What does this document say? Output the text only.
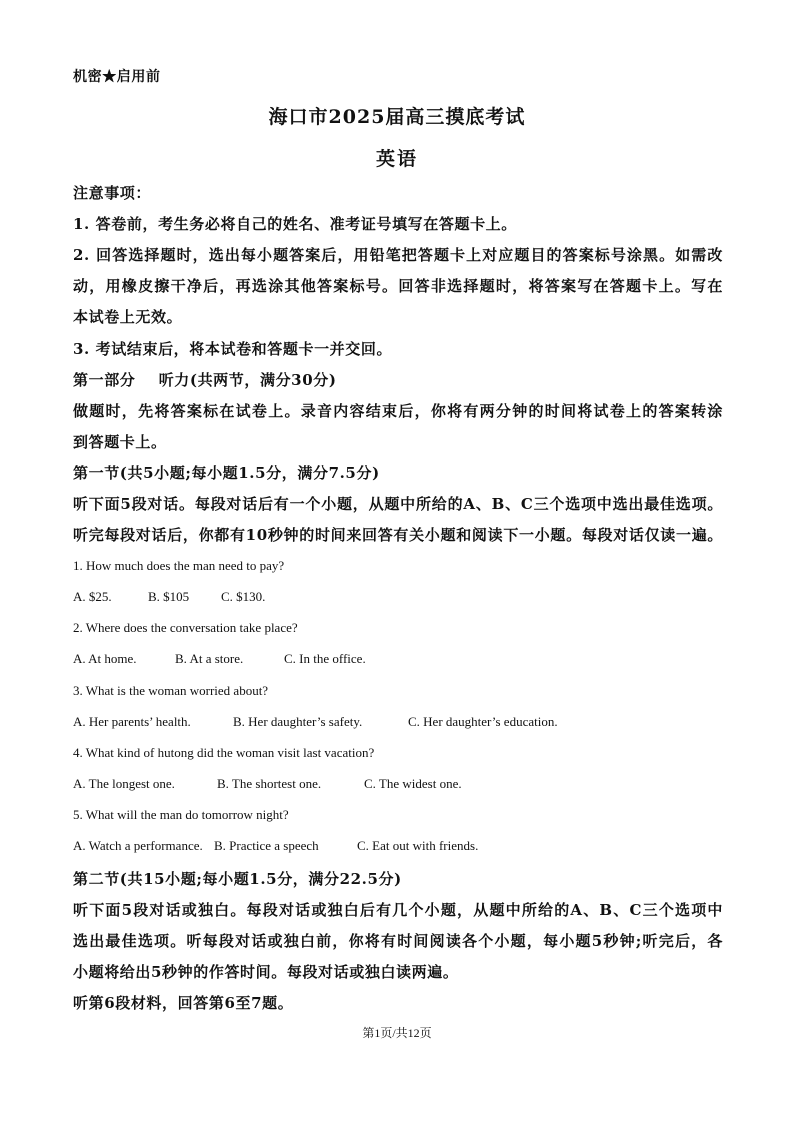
机密★启用前
海口市2025届高三摸底考试
英语
注意事项：
1. 答卷前，考生务必将自己的姓名、准考证号填写在答题卡上。
2. 回答选择题时，选出每小题答案后，用铅笔把答题卡上对应题目的答案标号涂黑。如需改
动，用橡皮擦干净后，再选涂其他答案标号。回答非选择题时，将答案写在答题卡上。写在
本试卷上无效。
3. 考试结束后，将本试卷和答题卡一并交回。
第一部分    听力(共两节，满分30分)
做题时，先将答案标在试卷上。录音内容结束后，你将有两分钟的时间将试卷上的答案转涂
到答题卡上。
第一节(共5小题;每小题1.5分，满分7.5分)
听下面5段对话。每段对话后有一个小题，从题中所给的A、B、C三个选项中选出最佳选项。
听完每段对话后，你都有10秒钟的时间来回答有关小题和阅读下一小题。每段对话仅读一遍。
1. How much does the man need to pay?
A. $25.	B. $105 C. $130.
2. Where does the conversation take place?
A. At home.	B. At a store.	C. In the office.
3. What is the woman worried about?
A. Her parents’ health.	B. Her daughter’s safety.	C. Her daughter’s education.
4. What kind of hutong did the woman visit last vacation?
A. The longest one.	B. The shortest one.	C. The widest one.
5. What will the man do tomorrow night?
A. Watch a performance. B. Practice a speech	C. Eat out with friends.
第二节(共15小题;每小题1.5分，满分22.5分)
听下面5段对话或独白。每段对话或独白后有几个小题，从题中所给的A、B、C三个选项中
选出最佳选项。听每段对话或独白前，你将有时间阅读各个小题，每小题5秒钟;听完后，各
小题将给出5秒钟的作答时间。每段对话或独白读两遍。
听第6段材料，回答第6至7题。
第1页/共12页
